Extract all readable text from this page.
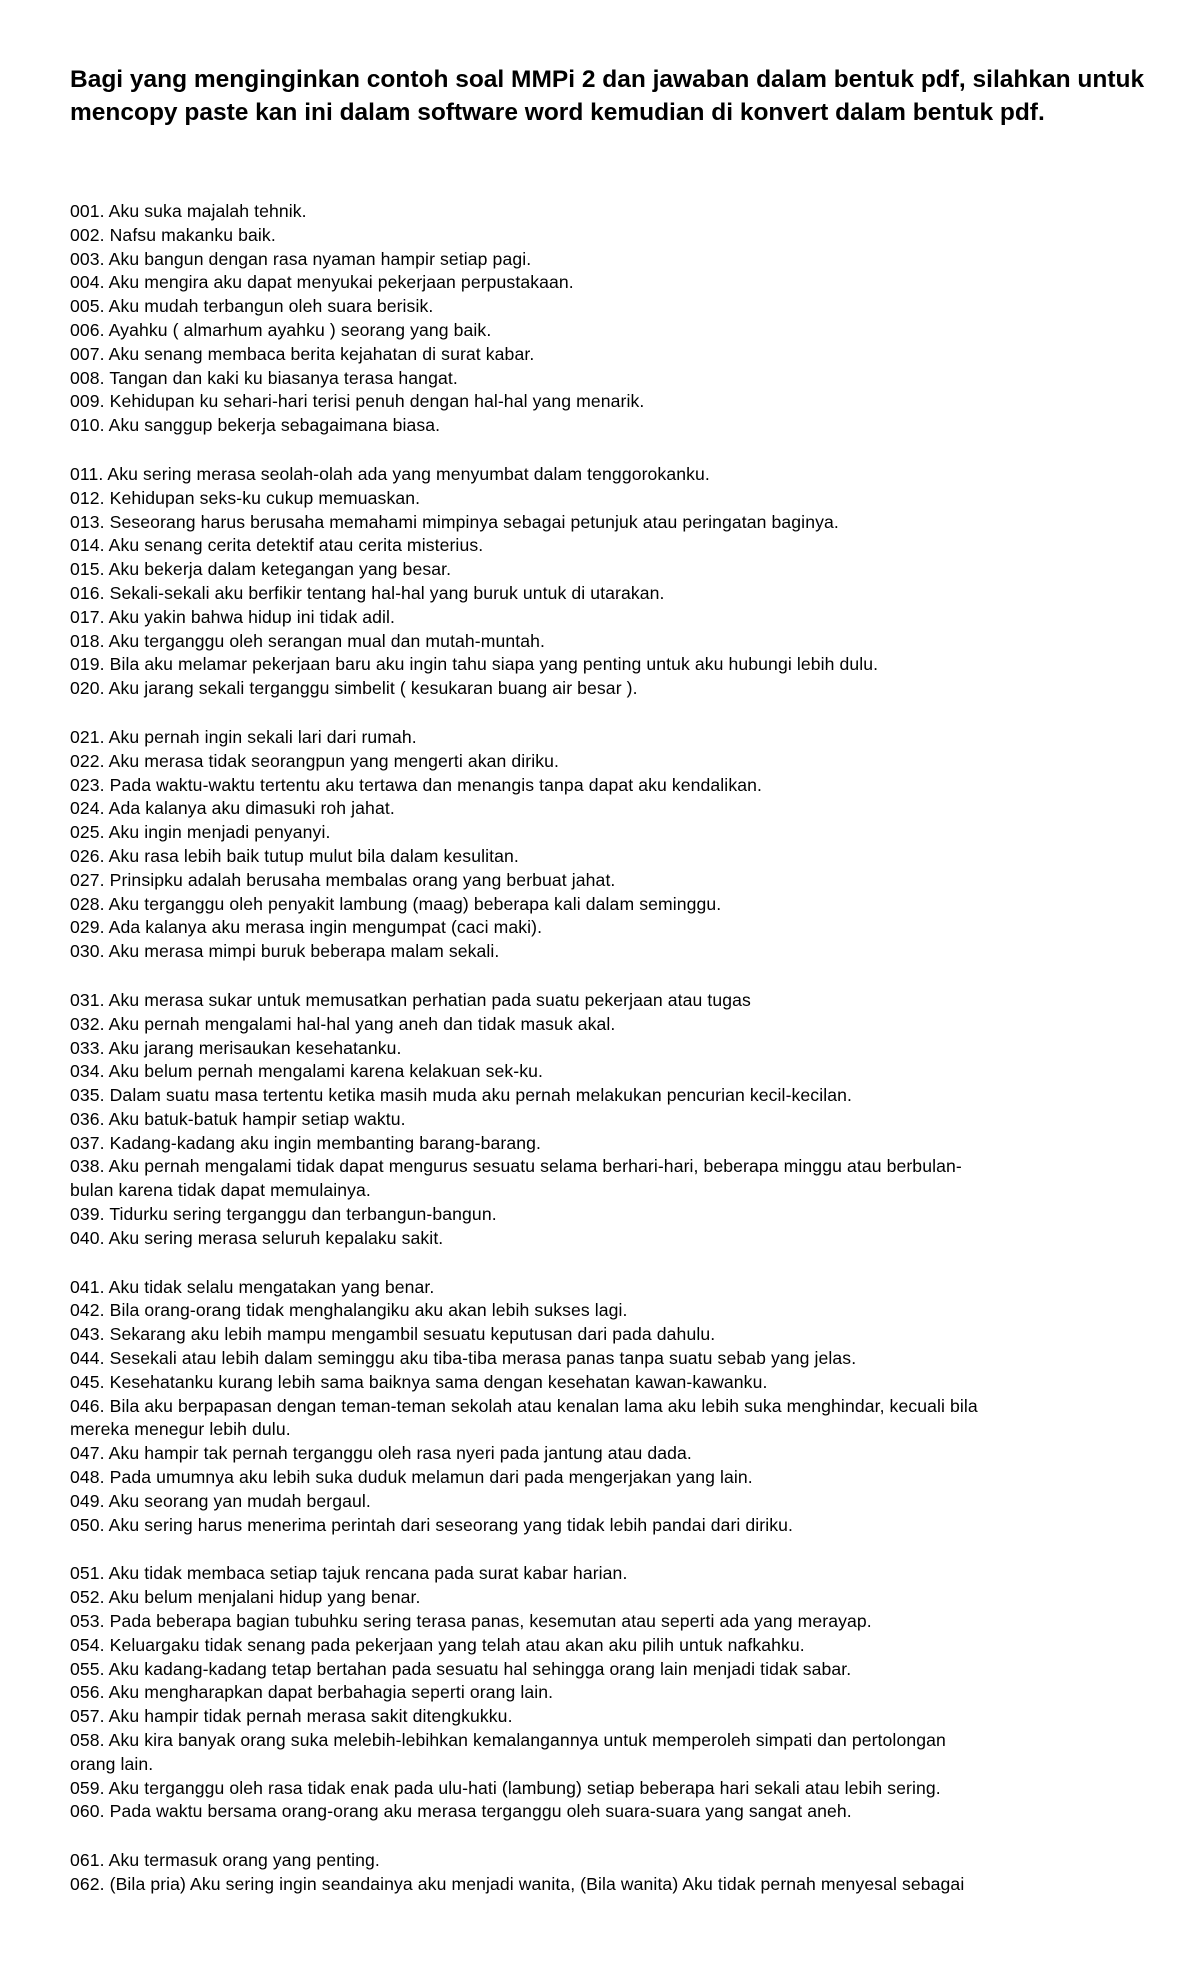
Bagi yang menginginkan contoh soal MMPi 2 dan jawaban dalam bentuk pdf, silahkan untuk mencopy paste kan ini dalam software word kemudian di konvert dalam bentuk pdf.
001. Aku suka majalah tehnik.
002. Nafsu makanku baik.
003. Aku bangun dengan rasa nyaman hampir setiap pagi.
004. Aku mengira aku dapat menyukai pekerjaan perpustakaan.
005. Aku mudah terbangun oleh suara berisik.
006. Ayahku ( almarhum ayahku ) seorang yang baik.
007. Aku senang membaca berita kejahatan di surat kabar.
008. Tangan dan kaki ku biasanya terasa hangat.
009. Kehidupan ku sehari-hari terisi penuh dengan hal-hal yang menarik.
010. Aku sanggup bekerja sebagaimana biasa.
011. Aku sering merasa seolah-olah ada yang menyumbat dalam tenggorokanku.
012. Kehidupan seks-ku cukup memuaskan.
013. Seseorang harus berusaha memahami mimpinya sebagai petunjuk atau peringatan baginya.
014. Aku senang cerita detektif atau cerita misterius.
015. Aku bekerja dalam ketegangan yang besar.
016. Sekali-sekali aku berfikir tentang hal-hal yang buruk untuk di utarakan.
017. Aku yakin bahwa hidup ini tidak adil.
018. Aku terganggu oleh serangan mual dan mutah-muntah.
019. Bila aku melamar pekerjaan baru aku ingin tahu siapa yang penting untuk aku hubungi lebih dulu.
020. Aku jarang sekali terganggu simbelit ( kesukaran buang air besar ).
021. Aku pernah ingin sekali lari dari rumah.
022. Aku merasa tidak seorangpun yang mengerti akan diriku.
023. Pada waktu-waktu tertentu aku tertawa dan menangis tanpa dapat aku kendalikan.
024. Ada kalanya aku dimasuki roh jahat.
025. Aku ingin menjadi penyanyi.
026. Aku rasa lebih baik tutup mulut bila dalam kesulitan.
027. Prinsipku adalah berusaha membalas orang yang berbuat jahat.
028. Aku terganggu oleh penyakit lambung (maag) beberapa kali dalam seminggu.
029. Ada kalanya aku merasa ingin mengumpat (caci maki).
030. Aku merasa mimpi buruk beberapa malam sekali.
031. Aku merasa sukar untuk memusatkan perhatian pada suatu pekerjaan atau tugas
032. Aku pernah mengalami hal-hal yang aneh dan tidak masuk akal.
033. Aku jarang merisaukan kesehatanku.
034. Aku belum pernah mengalami karena kelakuan sek-ku.
035. Dalam suatu masa tertentu ketika masih muda aku pernah melakukan pencurian kecil-kecilan.
036. Aku batuk-batuk hampir setiap waktu.
037. Kadang-kadang aku ingin membanting barang-barang.
038. Aku pernah mengalami tidak dapat mengurus sesuatu selama berhari-hari, beberapa minggu atau berbulan-
bulan karena tidak dapat memulainya.
039. Tidurku sering terganggu dan terbangun-bangun.
040. Aku sering merasa seluruh kepalaku sakit.
041. Aku tidak selalu mengatakan yang benar.
042. Bila orang-orang tidak menghalangiku aku akan lebih sukses lagi.
043. Sekarang aku lebih mampu mengambil sesuatu keputusan dari pada dahulu.
044. Sesekali atau lebih dalam seminggu aku tiba-tiba merasa panas tanpa suatu sebab yang jelas.
045. Kesehatanku kurang lebih sama baiknya sama dengan kesehatan kawan-kawanku.
046. Bila aku berpapasan dengan teman-teman sekolah atau kenalan lama aku lebih suka menghindar, kecuali bila
mereka menegur lebih dulu.
047. Aku hampir tak pernah terganggu oleh rasa nyeri pada jantung atau dada.
048. Pada umumnya aku lebih suka duduk melamun dari pada mengerjakan yang lain.
049. Aku seorang yan mudah bergaul.
050. Aku sering harus menerima perintah dari seseorang yang tidak lebih pandai dari diriku.
051. Aku tidak membaca setiap tajuk rencana pada surat kabar harian.
052. Aku belum menjalani hidup yang benar.
053. Pada beberapa bagian tubuhku sering terasa panas, kesemutan atau seperti ada yang merayap.
054. Keluargaku tidak senang pada pekerjaan yang telah atau akan aku pilih untuk nafkahku.
055. Aku kadang-kadang tetap bertahan pada sesuatu hal sehingga orang lain menjadi tidak sabar.
056. Aku mengharapkan dapat berbahagia seperti orang lain.
057. Aku hampir tidak pernah merasa sakit ditengkukku.
058. Aku kira banyak orang suka melebih-lebihkan kemalangannya untuk memperoleh simpati dan pertolongan
orang lain.
059. Aku terganggu oleh rasa tidak enak pada ulu-hati (lambung) setiap beberapa hari sekali atau lebih sering.
060. Pada waktu bersama orang-orang aku merasa terganggu oleh suara-suara yang sangat aneh.
061. Aku termasuk orang yang penting.
062. (Bila pria) Aku sering ingin seandainya aku menjadi wanita, (Bila wanita) Aku tidak pernah menyesal sebagai
